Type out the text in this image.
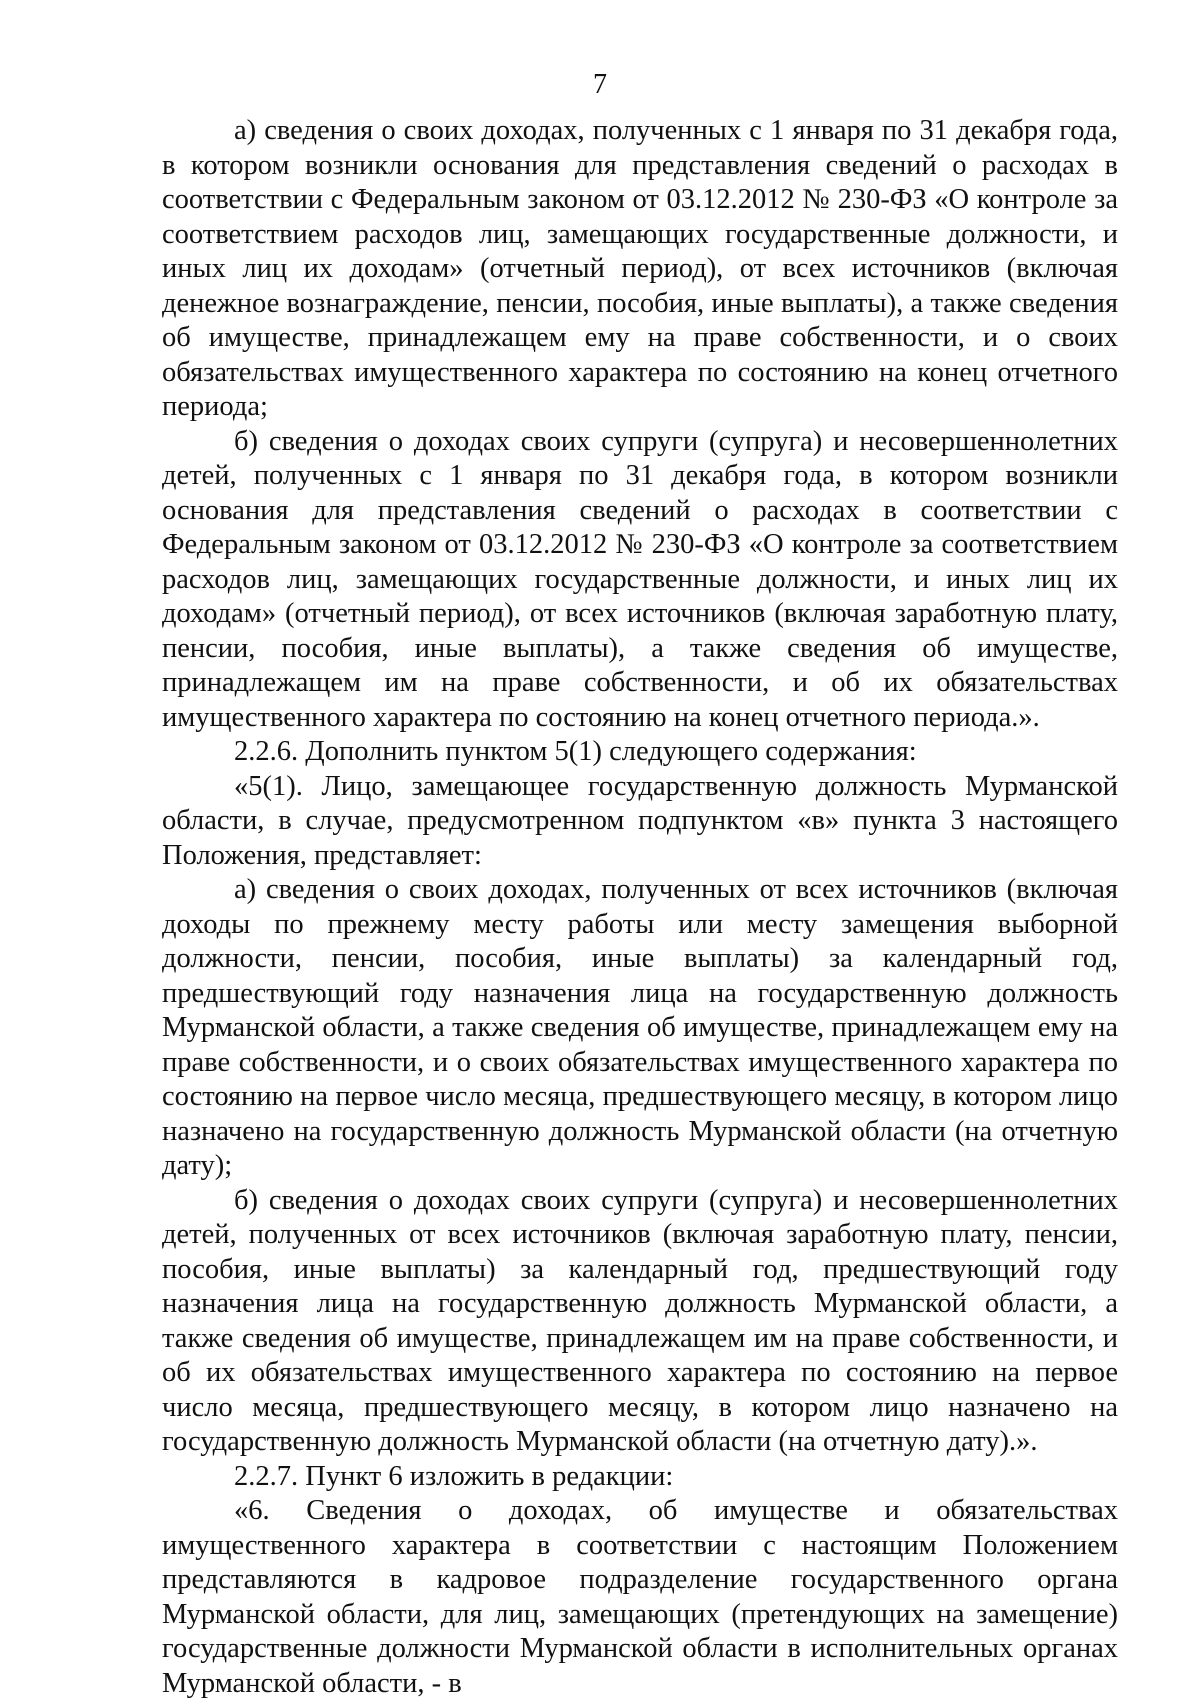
7

а) сведения о своих доходах, полученных с 1 января по 31 декабря года, в котором возникли основания для представления сведений о расходах в соответствии с Федеральным законом от 03.12.2012 № 230-ФЗ «О контроле за соответствием расходов лиц, замещающих государственные должности, и иных лиц их доходам» (отчетный период), от всех источников (включая денежное вознаграждение, пенсии, пособия, иные выплаты), а также сведения об имуществе, принадлежащем ему на праве собственности, и о своих обязательствах имущественного характера по состоянию на конец отчетного периода;

б) сведения о доходах своих супруги (супруга) и несовершеннолетних детей, полученных с 1 января по 31 декабря года, в котором возникли основания для представления сведений о расходах в соответствии с Федеральным законом от 03.12.2012 № 230-ФЗ «О контроле за соответствием расходов лиц, замещающих государственные должности, и иных лиц их доходам» (отчетный период), от всех источников (включая заработную плату, пенсии, пособия, иные выплаты), а также сведения об имуществе, принадлежащем им на праве собственности, и об их обязательствах имущественного характера по состоянию на конец отчетного периода.».

2.2.6. Дополнить пунктом 5(1) следующего содержания:

«5(1). Лицо, замещающее государственную должность Мурманской области, в случае, предусмотренном подпунктом «в» пункта 3 настоящего Положения, представляет:

а) сведения о своих доходах, полученных от всех источников (включая доходы по прежнему месту работы или месту замещения выборной должности, пенсии, пособия, иные выплаты) за календарный год, предшествующий году назначения лица на государственную должность Мурманской области, а также сведения об имуществе, принадлежащем ему на праве собственности, и о своих обязательствах имущественного характера по состоянию на первое число месяца, предшествующего месяцу, в котором лицо назначено на государственную должность Мурманской области (на отчетную дату);

б) сведения о доходах своих супруги (супруга) и несовершеннолетних детей, полученных от всех источников (включая заработную плату, пенсии, пособия, иные выплаты) за календарный год, предшествующий году назначения лица на государственную должность Мурманской области, а также сведения об имуществе, принадлежащем им на праве собственности, и об их обязательствах имущественного характера по состоянию на первое число месяца, предшествующего месяцу, в котором лицо назначено на государственную должность Мурманской области (на отчетную дату).».

2.2.7. Пункт 6 изложить в редакции:

«6. Сведения о доходах, об имуществе и обязательствах имущественного характера в соответствии с настоящим Положением представляются в кадровое подразделение государственного органа Мурманской области, для лиц, замещающих (претендующих на замещение) государственные должности Мурманской области в исполнительных органах Мурманской области, - в
